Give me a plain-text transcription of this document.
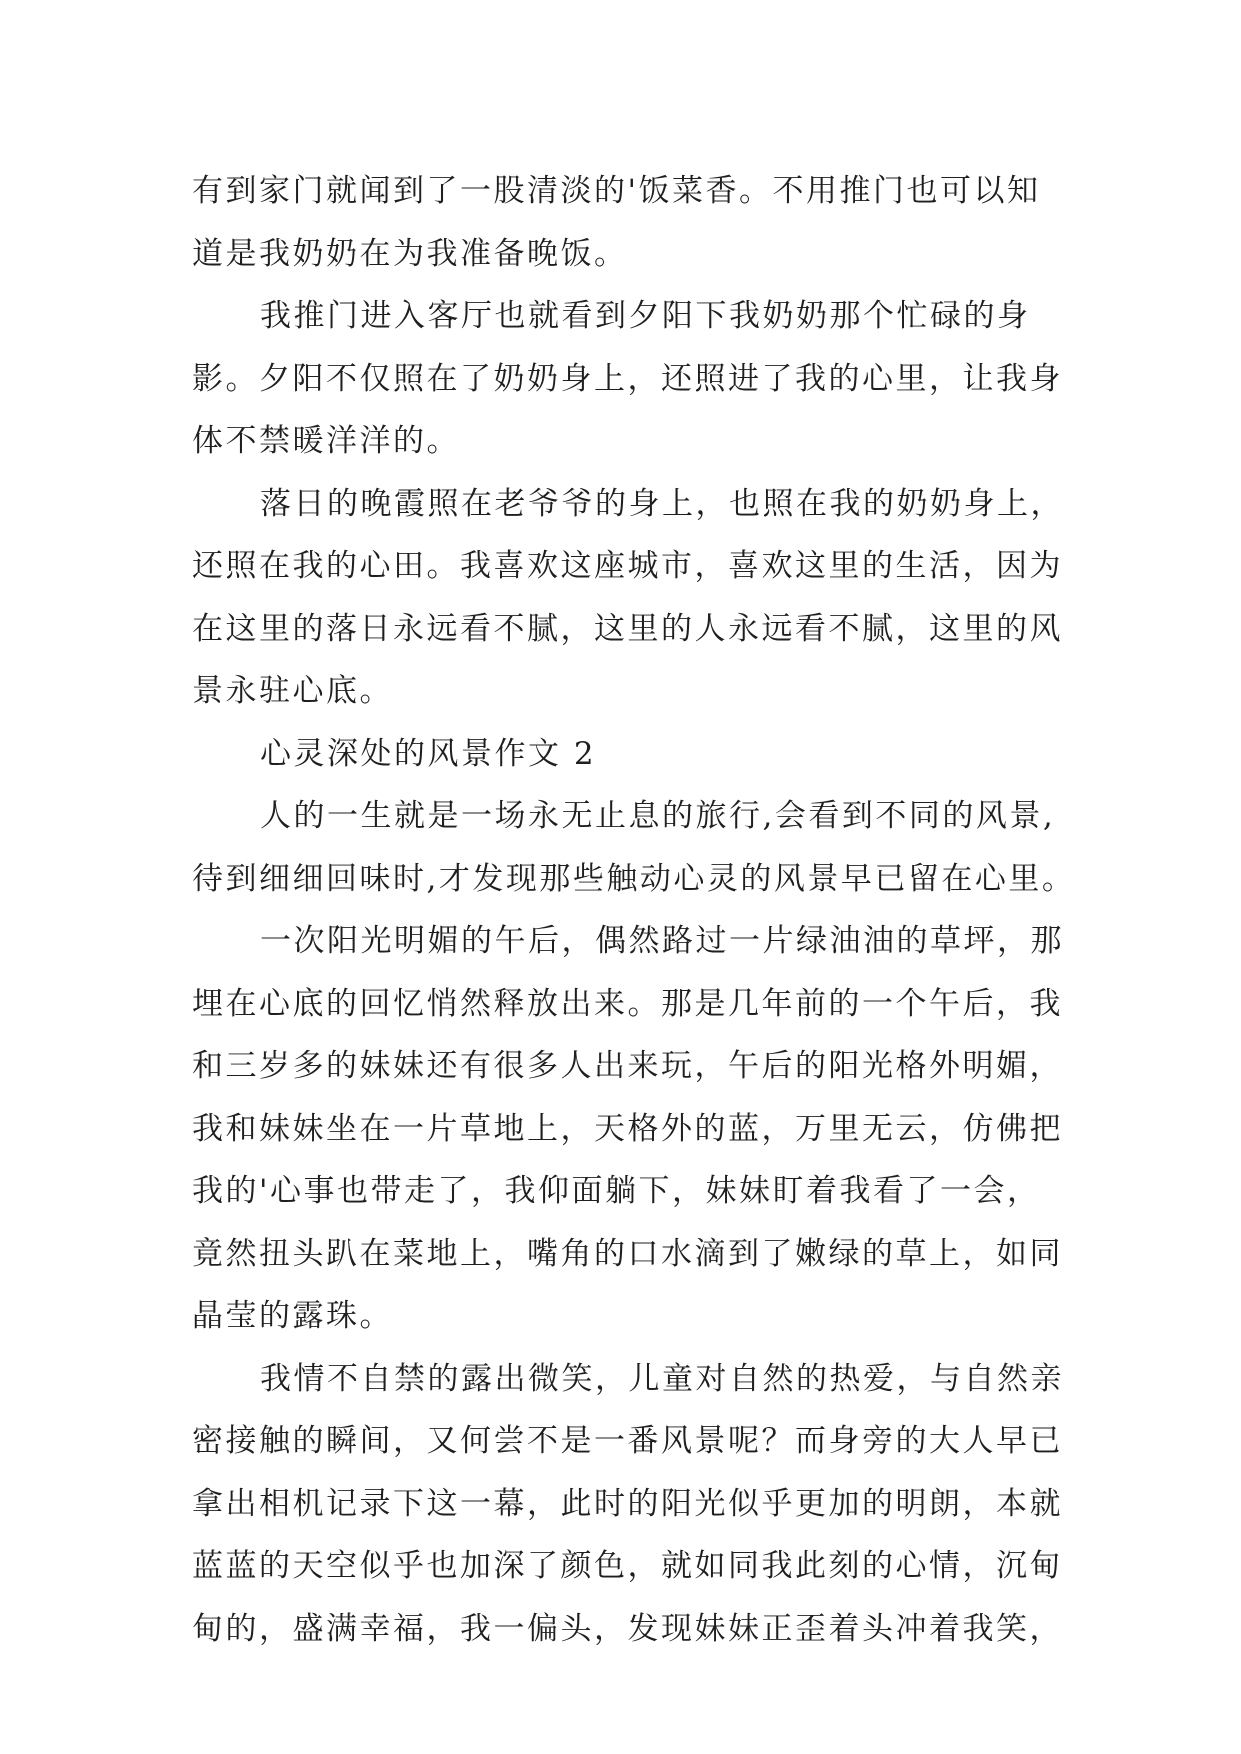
有到家门就闻到了一股清淡的'饭菜香。不用推门也可以知
道是我奶奶在为我准备晚饭。
我推门进入客厅也就看到夕阳下我奶奶那个忙碌的身
影。夕阳不仅照在了奶奶身上，还照进了我的心里，让我身
体不禁暖洋洋的。
落日的晚霞照在老爷爷的身上，也照在我的奶奶身上，
还照在我的心田。我喜欢这座城市，喜欢这里的生活，因为
在这里的落日永远看不腻，这里的人永远看不腻，这里的风
景永驻心底。
心灵深处的风景作文 2
人的一生就是一场永无止息的旅行,会看到不同的风景,
待到细细回味时,才发现那些触动心灵的风景早已留在心里。
一次阳光明媚的午后，偶然路过一片绿油油的草坪，那
埋在心底的回忆悄然释放出来。那是几年前的一个午后，我
和三岁多的妹妹还有很多人出来玩，午后的阳光格外明媚，
我和妹妹坐在一片草地上，天格外的蓝，万里无云，仿佛把
我的'心事也带走了，我仰面躺下，妹妹盯着我看了一会，
竟然扭头趴在菜地上，嘴角的口水滴到了嫩绿的草上，如同
晶莹的露珠。
我情不自禁的露出微笑，儿童对自然的热爱，与自然亲
密接触的瞬间，又何尝不是一番风景呢？而身旁的大人早已
拿出相机记录下这一幕，此时的阳光似乎更加的明朗，本就
蓝蓝的天空似乎也加深了颜色，就如同我此刻的心情，沉甸
甸的，盛满幸福，我一偏头，发现妹妹正歪着头冲着我笑，
